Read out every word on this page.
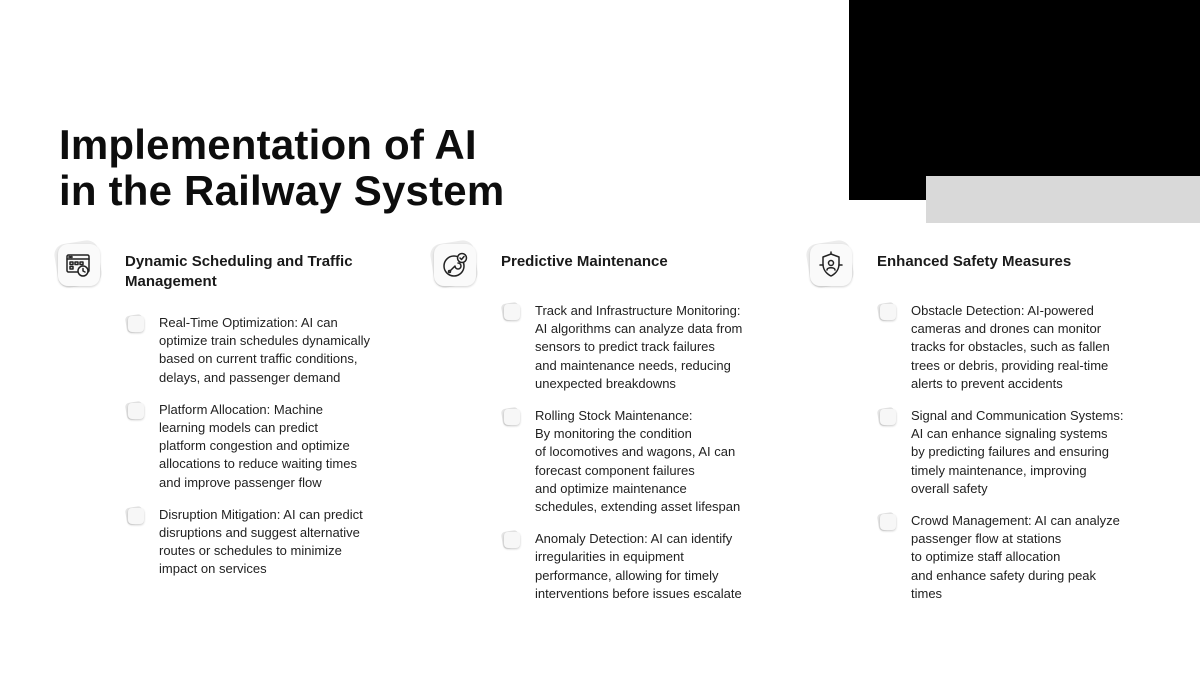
Implementation of AI
in the Railway System
Dynamic Scheduling and Traffic Management
Real-Time Optimization: AI can
optimize train schedules dynamically
based on current traffic conditions,
delays, and passenger demand
Platform Allocation: Machine
learning models can predict
platform congestion and optimize
allocations to reduce waiting times
and improve passenger flow
Disruption Mitigation: AI can predict
disruptions and suggest alternative
routes or schedules to minimize
impact on services
Predictive Maintenance
Track and Infrastructure Monitoring:
AI algorithms can analyze data from
sensors to predict track failures
and maintenance needs, reducing
unexpected breakdowns
Rolling Stock Maintenance:
By monitoring the condition
of locomotives and wagons, AI can
forecast component failures
and optimize maintenance
schedules, extending asset lifespan
Anomaly Detection: AI can identify
irregularities in equipment
performance, allowing for timely
interventions before issues escalate
Enhanced Safety Measures
Obstacle Detection: AI-powered
cameras and drones can monitor
tracks for obstacles, such as fallen
trees or debris, providing real-time
alerts to prevent accidents
Signal and Communication Systems:
AI can enhance signaling systems
by predicting failures and ensuring
timely maintenance, improving
overall safety
Crowd Management: AI can analyze
passenger flow at stations
to optimize staff allocation
and enhance safety during peak
times
